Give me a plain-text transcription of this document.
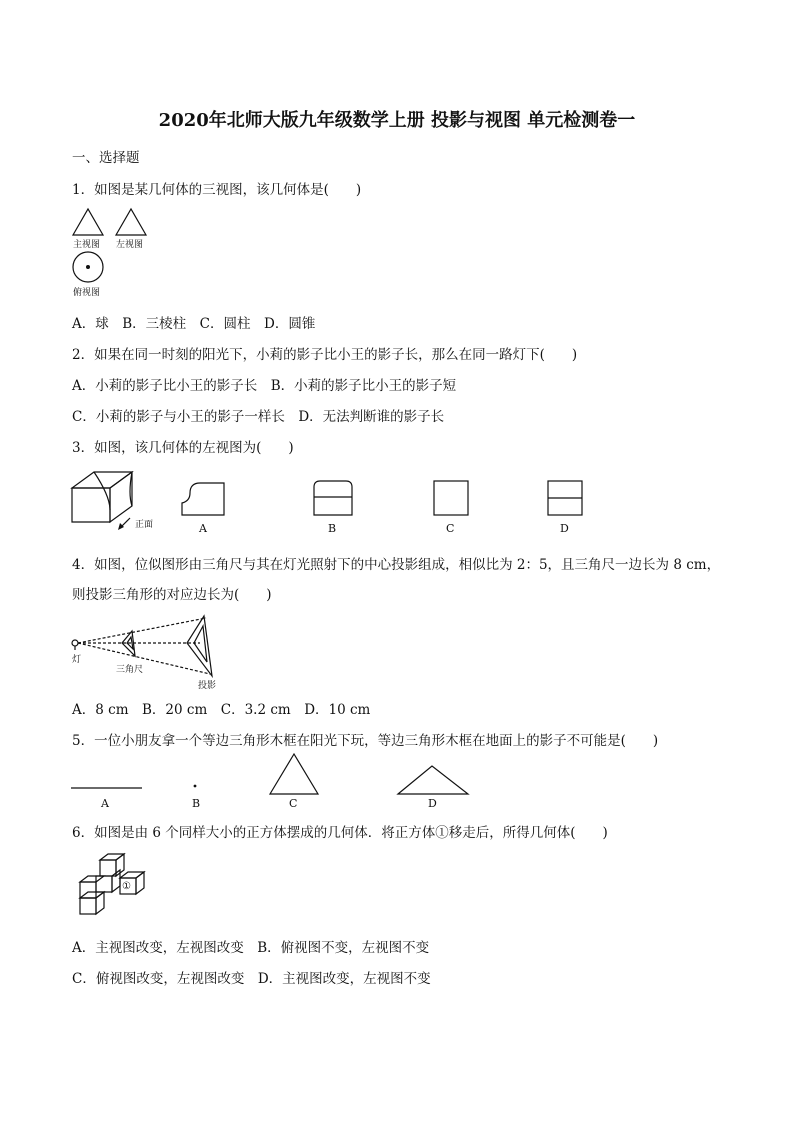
2020年北师大版九年级数学上册 投影与视图 单元检测卷一
一、选择题
1．如图是某几何体的三视图，该几何体是(　　)
主视图 左视图
俯视图
A．球　B．三棱柱　C．圆柱　D．圆锥
2．如果在同一时刻的阳光下，小莉的影子比小王的影子长，那么在同一路灯下(　　)
A．小莉的影子比小王的影子长　B．小莉的影子比小王的影子短
C．小莉的影子与小王的影子一样长　D．无法判断谁的影子长
3．如图，该几何体的左视图为(　　)
正面	A	B	C	D
4．如图，位似图形由三角尺与其在灯光照射下的中心投影组成，相似比为 2：5，且三角尺一边长为 8 cm，
则投影三角形的对应边长为(　　)
灯
三角尺
投影
A．8 cm　B．20 cm　C．3.2 cm　D．10 cm
5．一位小朋友拿一个等边三角形木框在阳光下玩，等边三角形木框在地面上的影子不可能是(　　)
A	B	C	D
6．如图是由 6 个同样大小的正方体摆成的几何体．将正方体①移走后，所得几何体(　　)
①
A．主视图改变，左视图改变　B．俯视图不变，左视图不变
C．俯视图改变，左视图改变　D．主视图改变，左视图不变
